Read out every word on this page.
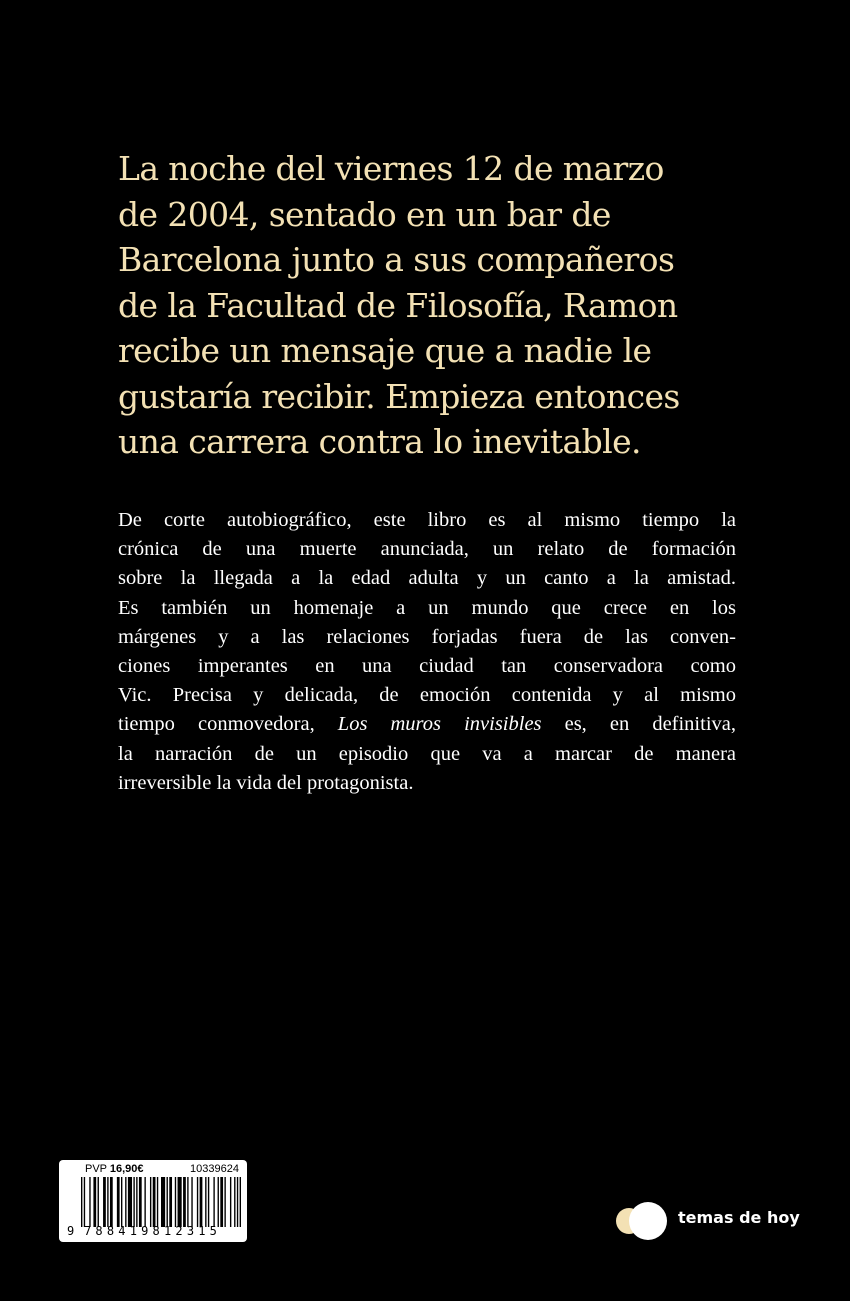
La noche del viernes 12 de marzo
de 2004, sentado en un bar de
Barcelona junto a sus compañeros
de la Facultad de Filosofía, Ramon
recibe un mensaje que a nadie le
gustaría recibir. Empieza entonces
una carrera contra lo inevitable.

De corte autobiográfico, este libro es al mismo tiempo la
crónica de una muerte anunciada, un relato de formación
sobre la llegada a la edad adulta y un canto a la amistad.
Es también un homenaje a un mundo que crece en los
márgenes y a las relaciones forjadas fuera de las conven-
ciones imperantes en una ciudad tan conservadora como
Vic. Precisa y delicada, de emoción contenida y al mismo
tiempo conmovedora, Los muros invisibles es, en definitiva,
la narración de un episodio que va a marcar de manera
irreversible la vida del protagonista.

PVP 16,90€	10339624
9 788419812315
temas de hoy
